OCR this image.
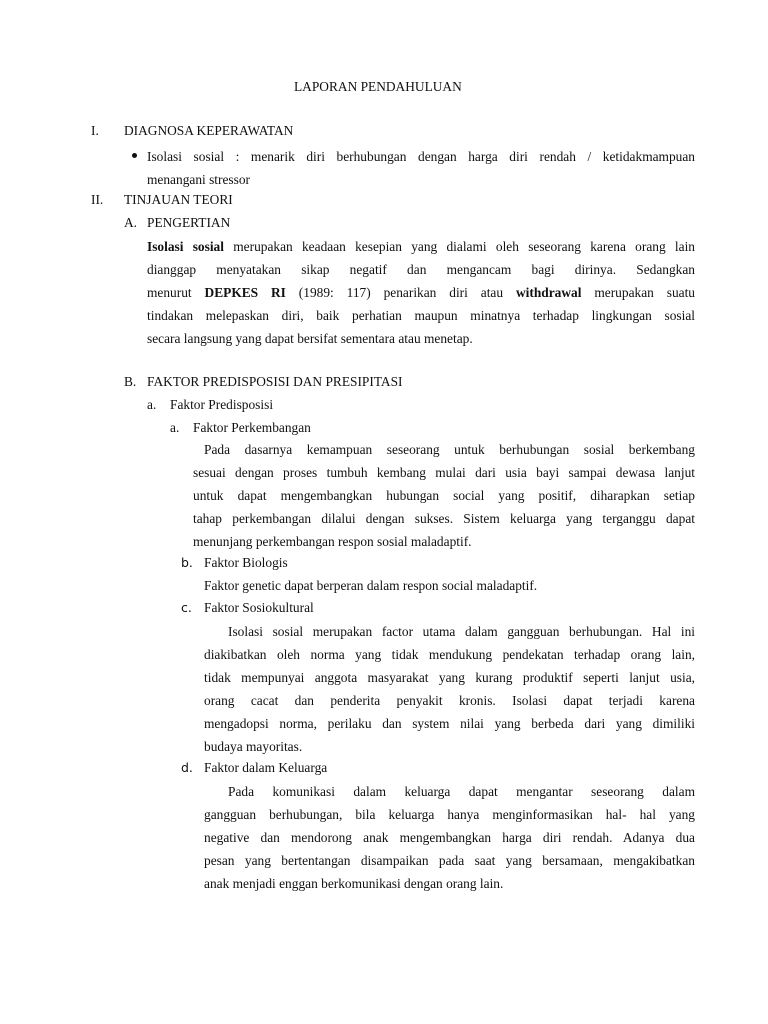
LAPORAN PENDAHULUAN
I. DIAGNOSA KEPERAWATAN
Isolasi sosial : menarik diri berhubungan dengan harga diri rendah / ketidakmampuan
menangani stressor
II. TINJAUAN TEORI
A. PENGERTIAN
Isolasi sosial merupakan keadaan kesepian yang dialami oleh seseorang karena orang lain
dianggap menyatakan sikap negatif dan mengancam bagi dirinya. Sedangkan
menurut DEPKES RI (1989: 117) penarikan diri atau withdrawal merupakan suatu
tindakan melepaskan diri, baik perhatian maupun minatnya terhadap lingkungan sosial
secara langsung yang dapat bersifat sementara atau menetap.
B. FAKTOR PREDISPOSISI DAN PRESIPITASI
a. Faktor Predisposisi
a. Faktor Perkembangan
Pada dasarnya kemampuan seseorang untuk berhubungan sosial berkembang
sesuai dengan proses tumbuh kembang mulai dari usia bayi sampai dewasa lanjut
untuk dapat mengembangkan hubungan social yang positif, diharapkan setiap
tahap perkembangan dilalui dengan sukses. Sistem keluarga yang terganggu dapat
menunjang perkembangan respon sosial maladaptif.
b. Faktor Biologis
Faktor genetic dapat berperan dalam respon social maladaptif.
c. Faktor Sosiokultural
Isolasi sosial merupakan factor utama dalam gangguan berhubungan. Hal ini
diakibatkan oleh norma yang tidak mendukung pendekatan terhadap orang lain,
tidak mempunyai anggota masyarakat yang kurang produktif seperti lanjut usia,
orang cacat dan penderita penyakit kronis. Isolasi dapat terjadi karena
mengadopsi norma, perilaku dan system nilai yang berbeda dari yang dimiliki
budaya mayoritas.
d. Faktor dalam Keluarga
Pada komunikasi dalam keluarga dapat mengantar seseorang dalam
gangguan berhubungan, bila keluarga hanya menginformasikan hal- hal yang
negative dan mendorong anak mengembangkan harga diri rendah. Adanya dua
pesan yang bertentangan disampaikan pada saat yang bersamaan, mengakibatkan
anak menjadi enggan berkomunikasi dengan orang lain.
